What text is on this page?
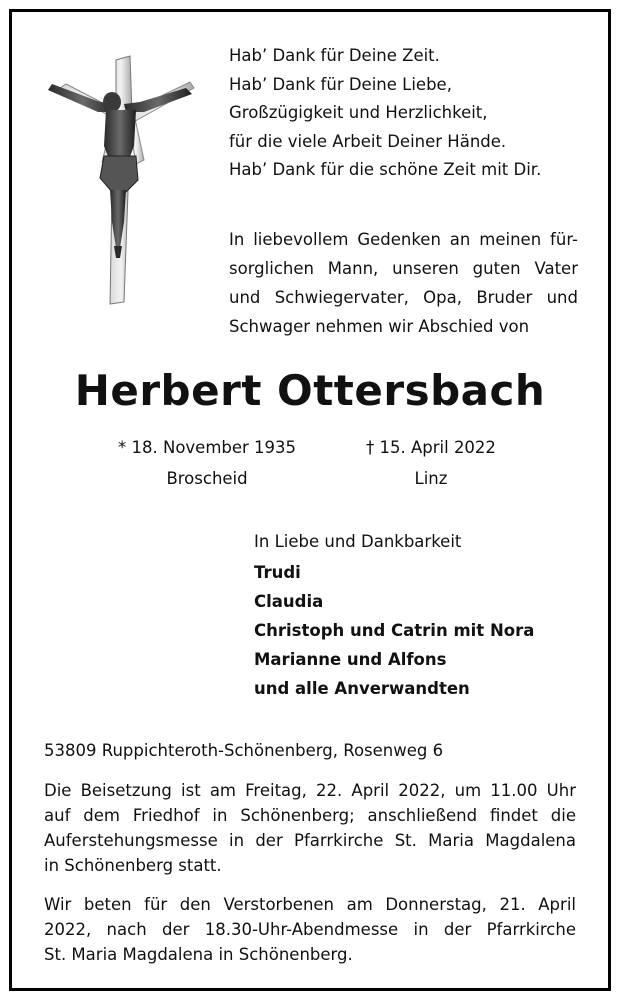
Hab’ Dank für Deine Zeit.
Hab’ Dank für Deine Liebe,
Großzügigkeit und Herzlichkeit,
für die viele Arbeit Deiner Hände.
Hab’ Dank für die schöne Zeit mit Dir.
In liebevollem Gedenken an meinen für-
sorglichen Mann, unseren guten Vater
und Schwiegervater, Opa, Bruder und
Schwager nehmen wir Abschied von
Herbert Ottersbach
* 18. November 1935
Broscheid
† 15. April 2022
Linz
In Liebe und Dankbarkeit
Trudi
Claudia
Christoph und Catrin mit Nora
Marianne und Alfons
und alle Anverwandten
53809 Ruppichteroth-Schönenberg, Rosenweg 6
Die Beisetzung ist am Freitag, 22. April 2022, um 11.00 Uhr
auf dem Friedhof in Schönenberg; anschließend findet die
Auferstehungsmesse in der Pfarrkirche St. Maria Magdalena
in Schönenberg statt.
Wir beten für den Verstorbenen am Donnerstag, 21. April
2022, nach der 18.30-Uhr-Abendmesse in der Pfarrkirche
St. Maria Magdalena in Schönenberg.
